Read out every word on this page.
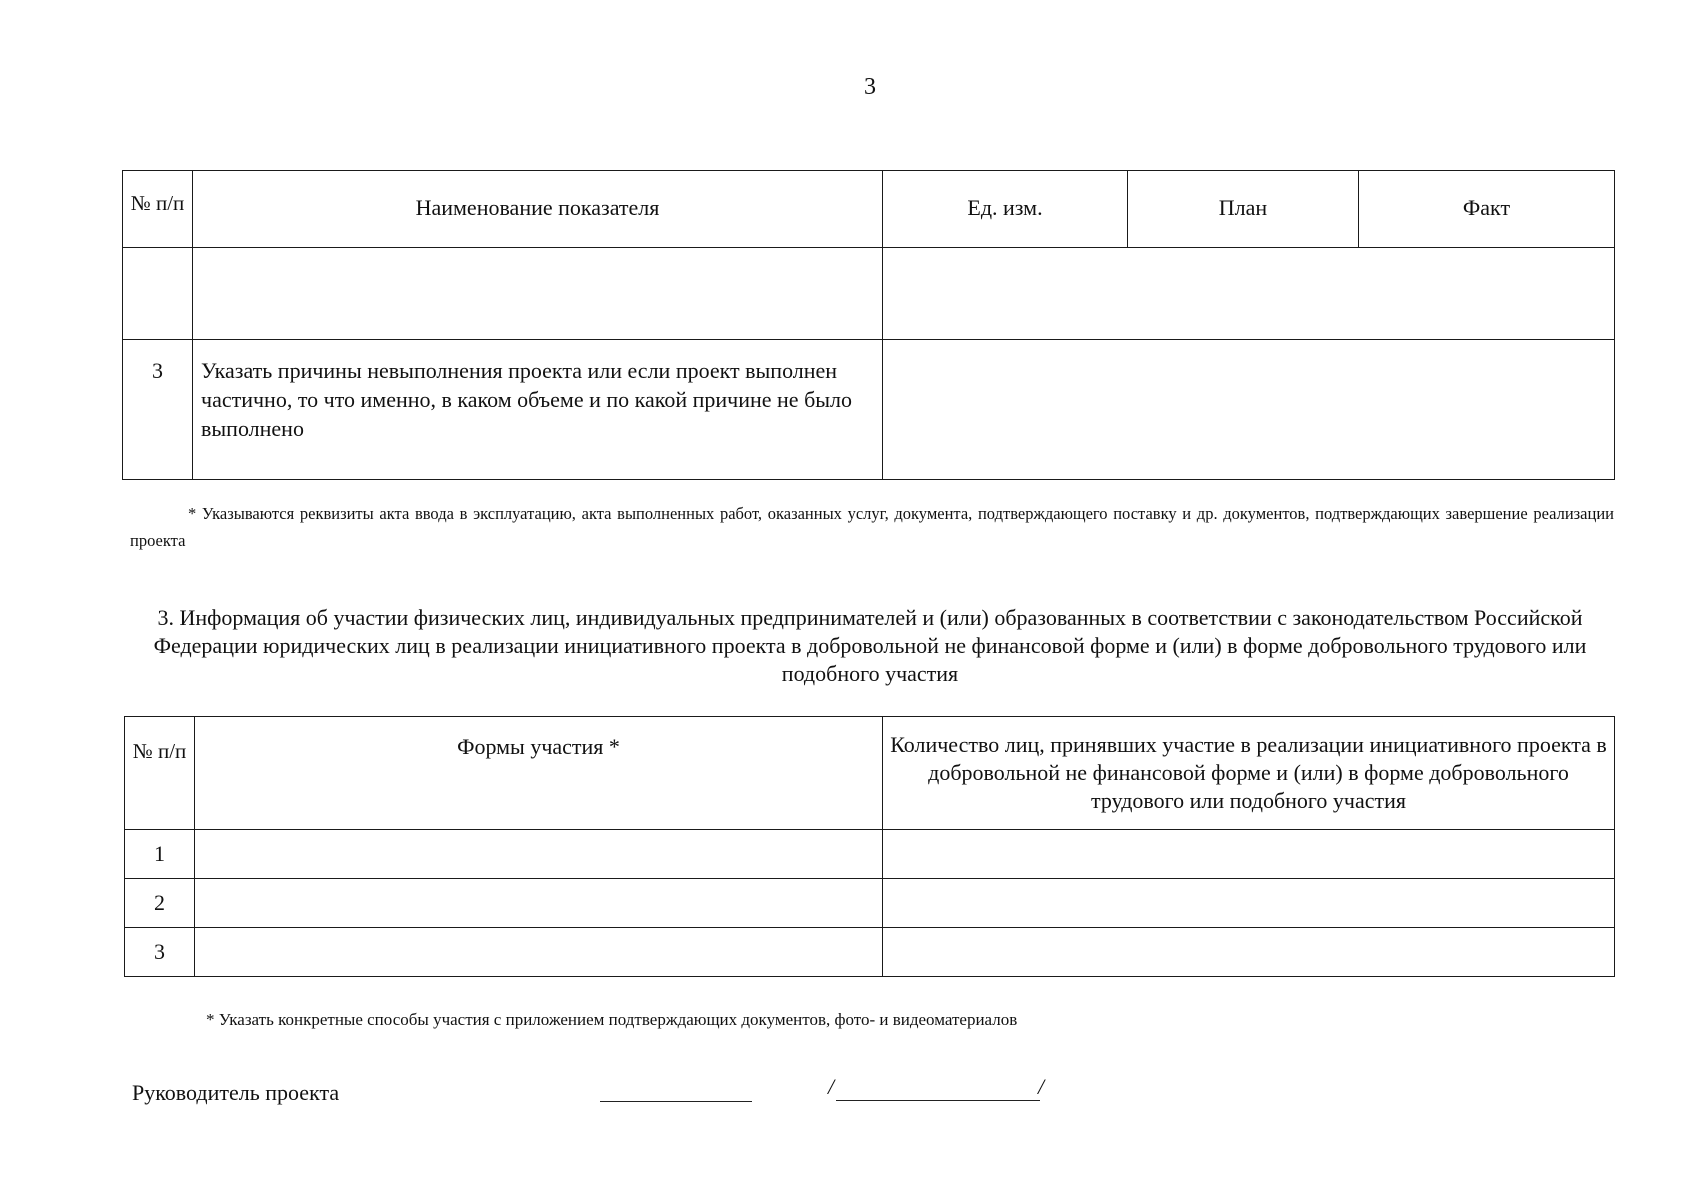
3
№ п/п	Наименование показателя	Ед. изм.	План	Факт

3	Указать причины невыполнения проекта или если проект выполнен частично, то что именно, в каком объеме и по какой причине не было выполнено			
* Указываются реквизиты акта ввода в эксплуатацию, акта выполненных работ, оказанных услуг, документа, подтверждающего поставку и др. документов, подтверждающих завершение реализации проекта
3. Информация об участии физических лиц, индивидуальных предпринимателей и (или) образованных в соответствии с законодательством Российской Федерации юридических лиц в реализации инициативного проекта в добровольной не финансовой форме и (или) в форме добровольного трудового или подобного участия
№ п/п	Формы участия *	Количество лиц, принявших участие в реализации инициативного проекта в добровольной не финансовой форме и (или) в форме добровольного трудового или подобного участия
1		
2		
3		
* Указать конкретные способы участия с приложением подтверждающих документов, фото- и видеоматериалов
Руководитель проекта	/	/
